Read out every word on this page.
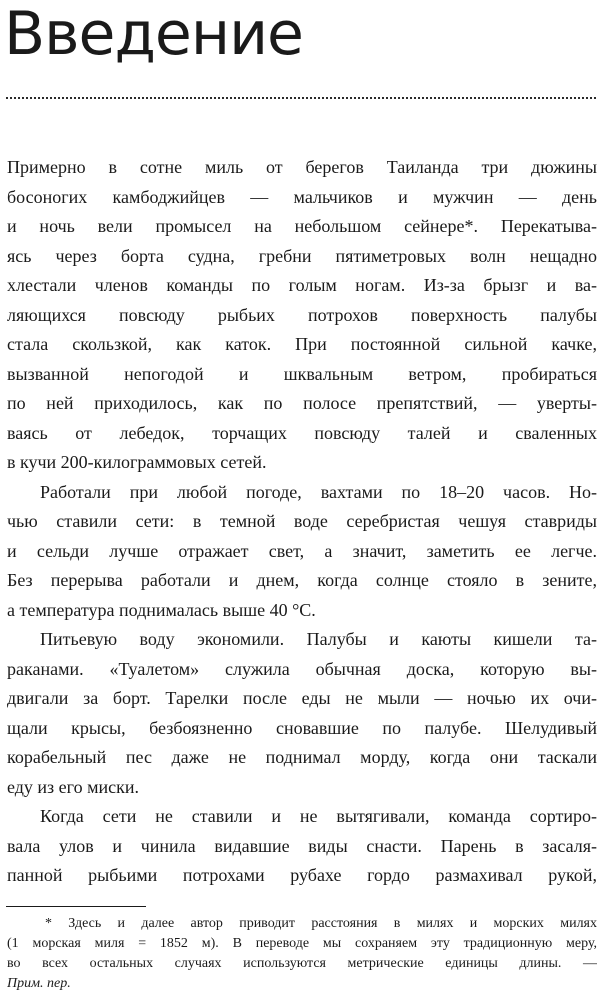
Введение
Примерно в сотне миль от берегов Таиланда три дюжины
босоногих камбоджийцев — мальчиков и мужчин — день
и ночь вели промысел на небольшом сейнере*. Перекатыва-
ясь через борта судна, гребни пятиметровых волн нещадно
хлестали членов команды по голым ногам. Из-за брызг и ва-
ляющихся повсюду рыбьих потрохов поверхность палубы
стала скользкой, как каток. При постоянной сильной качке,
вызванной непогодой и шквальным ветром, пробираться
по ней приходилось, как по полосе препятствий, — уверты-
ваясь от лебедок, торчащих повсюду талей и сваленных
в кучи 200-килограммовых сетей.
Работали при любой погоде, вахтами по 18–20 часов. Но-
чью ставили сети: в темной воде серебристая чешуя ставриды
и сельди лучше отражает свет, а значит, заметить ее легче.
Без перерыва работали и днем, когда солнце стояло в зените,
а температура поднималась выше 40 °С.
Питьевую воду экономили. Палубы и каюты кишели та-
раканами. «Туалетом» служила обычная доска, которую вы-
двигали за борт. Тарелки после еды не мыли — ночью их очи-
щали крысы, безбоязненно сновавшие по палубе. Шелудивый
корабельный пес даже не поднимал морду, когда они таскали
еду из его миски.
Когда сети не ставили и не вытягивали, команда сортиро-
вала улов и чинила видавшие виды снасти. Парень в засаля-
панной рыбьими потрохами рубахе гордо размахивал рукой,
* Здесь и далее автор приводит расстояния в милях и морских милях
(1 морская миля = 1852 м). В переводе мы сохраняем эту традиционную меру,
во всех остальных случаях используются метрические единицы длины. —
Прим. пер.
